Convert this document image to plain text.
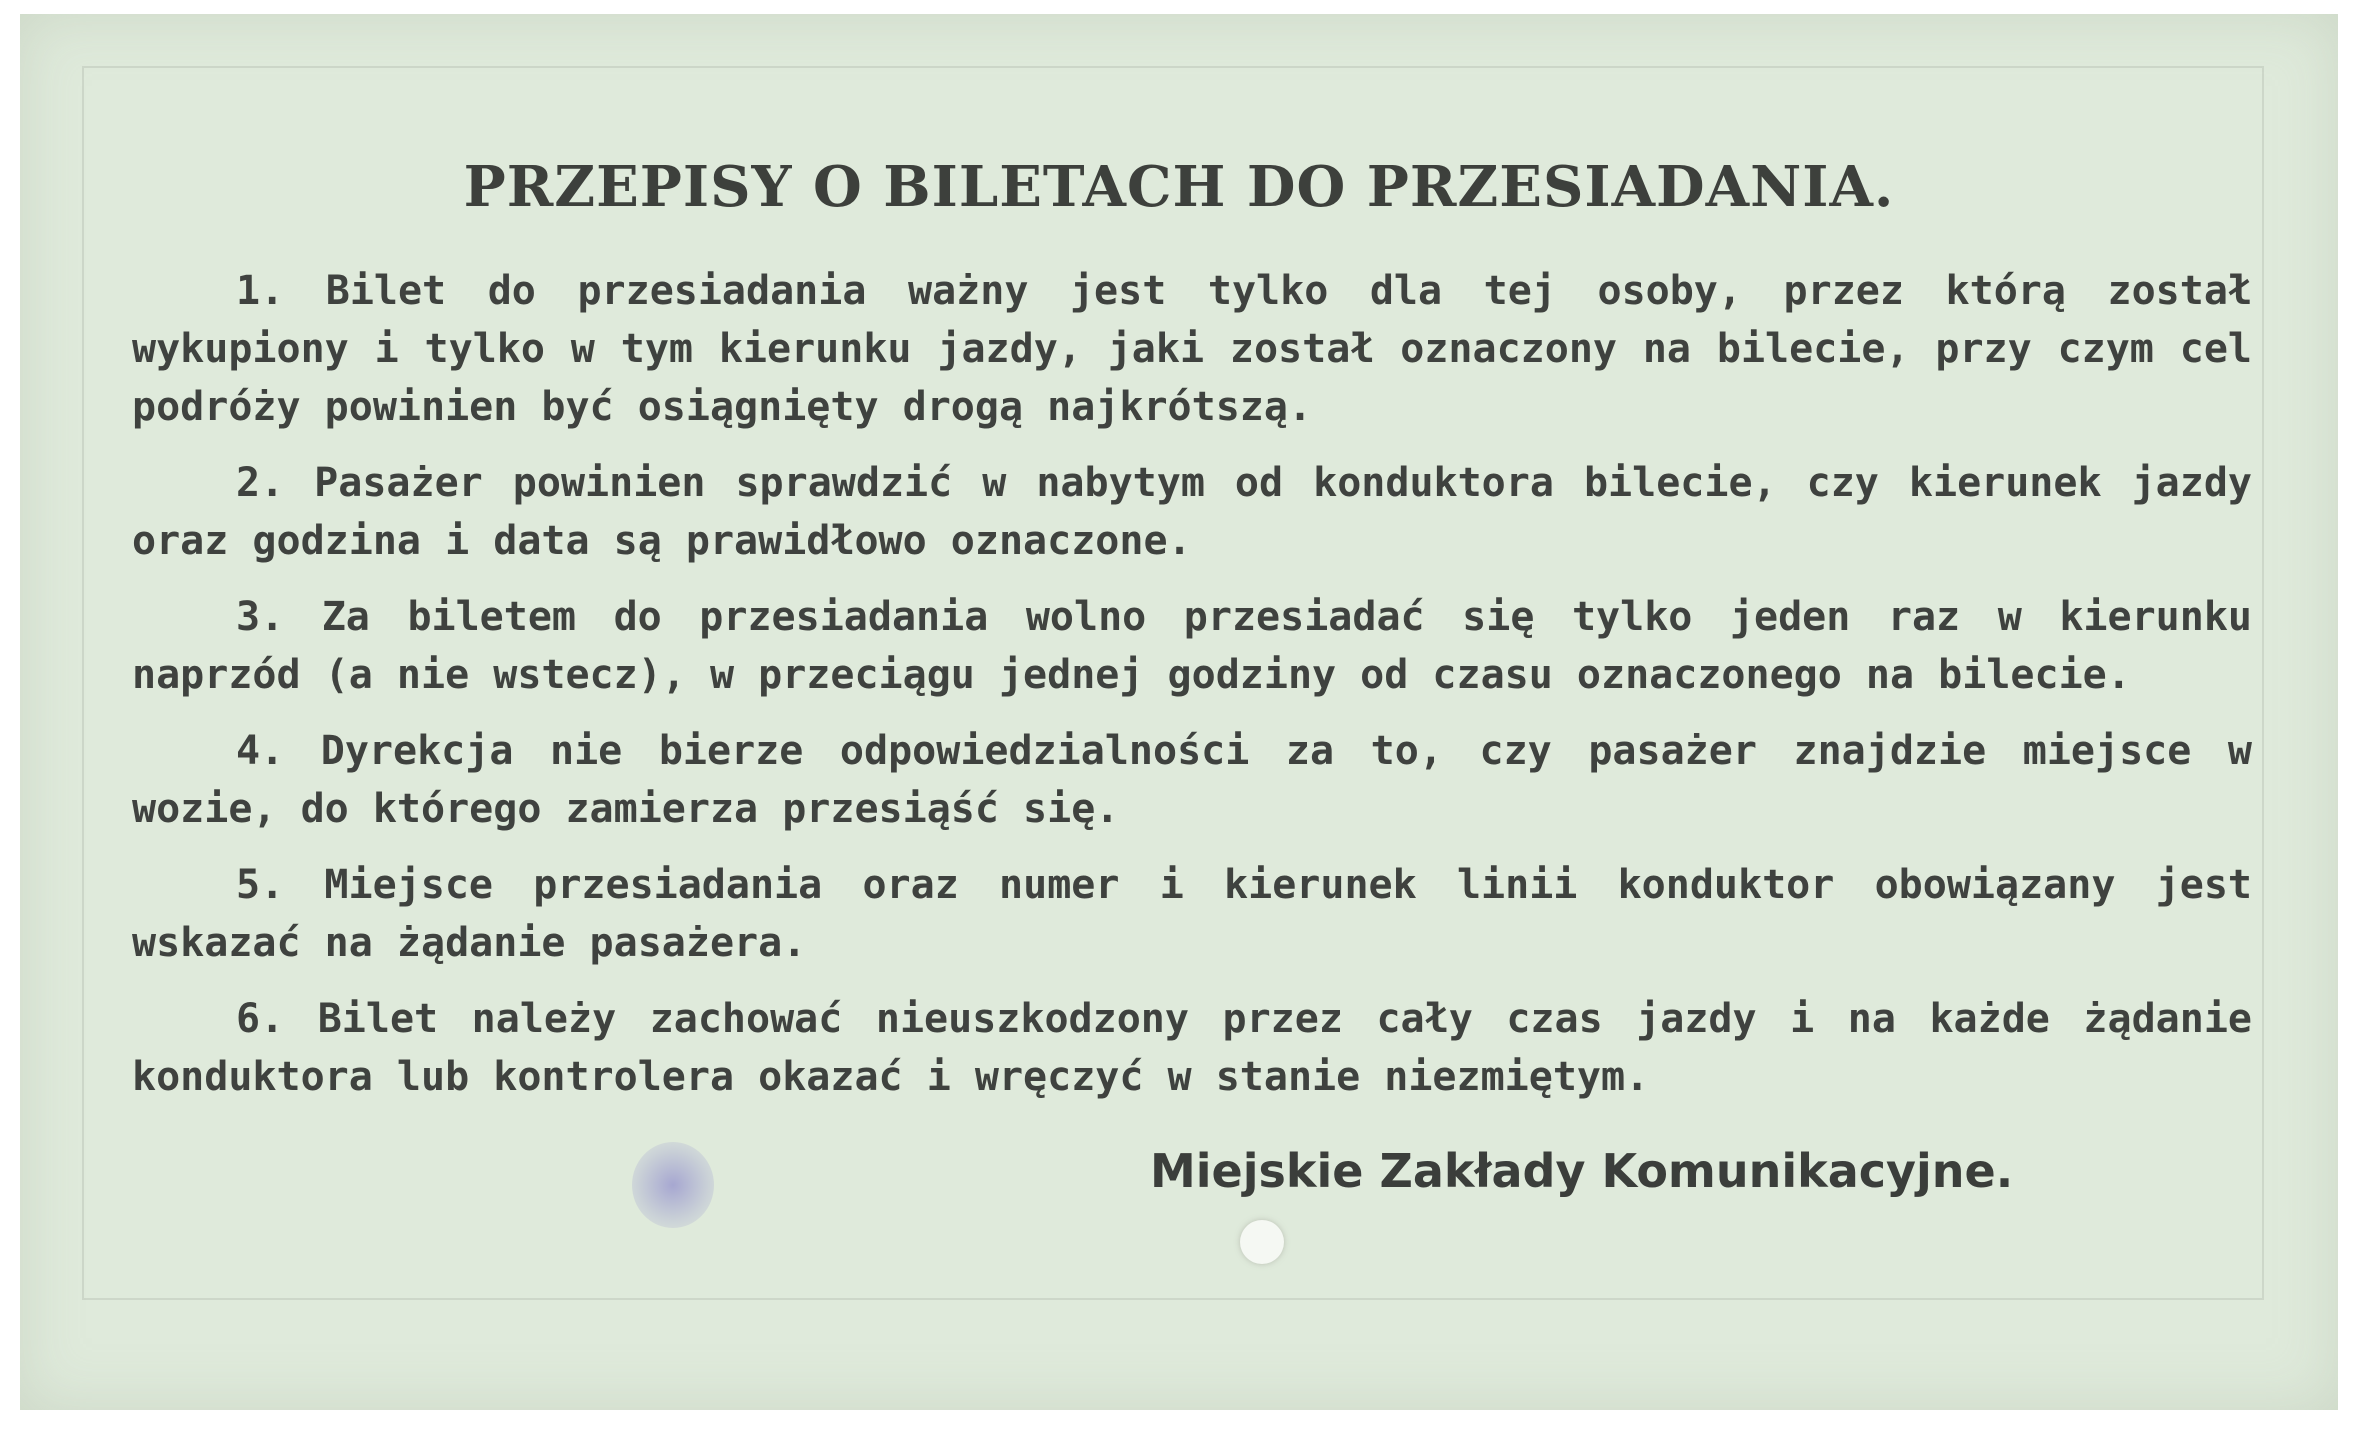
PRZEPISY O BILETACH DO PRZESIADANIA.

1. Bilet do przesiadania ważny jest tylko dla tej osoby, przez którą został wykupiony i tylko w tym kierunku jazdy, jaki został oznaczony na bilecie, przy czym cel podróży powinien być osiągnięty drogą najkrótszą.

2. Pasażer powinien sprawdzić w nabytym od konduktora bilecie, czy kierunek jazdy oraz godzina i data są prawidłowo oznaczone.

3. Za biletem do przesiadania wolno przesiadać się tylko jeden raz w kierunku naprzód (a nie wstecz), w przeciągu jednej godziny od czasu oznaczonego na bilecie.

4. Dyrekcja nie bierze odpowiedzialności za to, czy pasażer znajdzie miejsce w wozie, do którego zamierza przesiąść się.

5. Miejsce przesiadania oraz numer i kierunek linii konduktor obowiązany jest wskazać na żądanie pasażera.

6. Bilet należy zachować nieuszkodzony przez cały czas jazdy i na każde żądanie konduktora lub kontrolera okazać i wręczyć w stanie niezmiętym.

Miejskie Zakłady Komunikacyjne.
